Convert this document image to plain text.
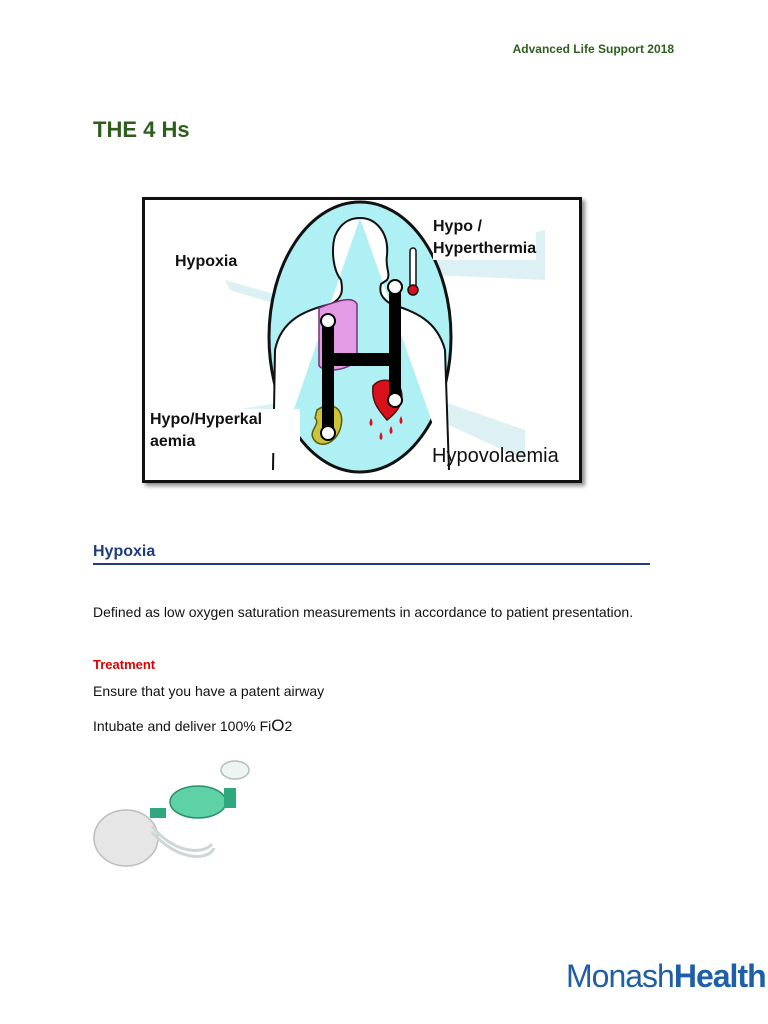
Advanced Life Support 2018
THE 4 Hs
Hypoxia
Hypo /
Hyperthermia
Hypo/Hyperkal
aemia
Hypovolaemia
Hypoxia
Defined as low oxygen saturation measurements in accordance to patient presentation.
Treatment
Ensure that you have a patent airway
Intubate and deliver 100% FiO2
MonashHealth
